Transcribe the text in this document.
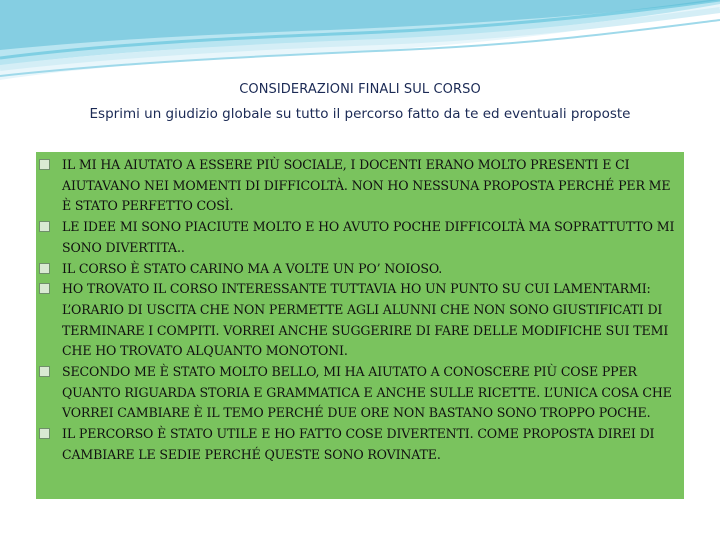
CONSIDERAZIONI FINALI SUL CORSO
Esprimi un giudizio globale su tutto il percorso fatto da te ed eventuali proposte
IL MI HA AIUTATO A ESSERE PIÙ SOCIALE, I DOCENTI ERANO MOLTO PRESENTI E CI AIUTAVANO NEI MOMENTI DI DIFFICOLTÀ. NON HO NESSUNA PROPOSTA PERCHÉ PER ME È STATO PERFETTO COSÌ.
LE IDEE MI SONO PIACIUTE MOLTO E HO AVUTO POCHE DIFFICOLTÀ MA SOPRATTUTTO MI SONO DIVERTITA..
IL CORSO È STATO CARINO MA A VOLTE UN PO’ NOIOSO.
HO TROVATO IL CORSO INTERESSANTE TUTTAVIA HO UN PUNTO SU CUI LAMENTARMI: L’ORARIO DI USCITA CHE NON PERMETTE AGLI ALUNNI CHE NON SONO GIUSTIFICATI DI TERMINARE I COMPITI. VORREI ANCHE SUGGERIRE DI FARE DELLE MODIFICHE SUI TEMI CHE HO TROVATO ALQUANTO MONOTONI.
SECONDO ME È STATO MOLTO BELLO, MI HA AIUTATO A CONOSCERE PIÙ COSE PPER QUANTO RIGUARDA STORIA E GRAMMATICA E ANCHE SULLE RICETTE. L’UNICA COSA CHE VORREI CAMBIARE È IL TEMO PERCHÉ DUE ORE NON BASTANO SONO TROPPO POCHE.
IL PERCORSO È STATO UTILE E HO FATTO COSE DIVERTENTI. COME PROPOSTA DIREI DI CAMBIARE LE SEDIE PERCHÉ QUESTE SONO ROVINATE.
